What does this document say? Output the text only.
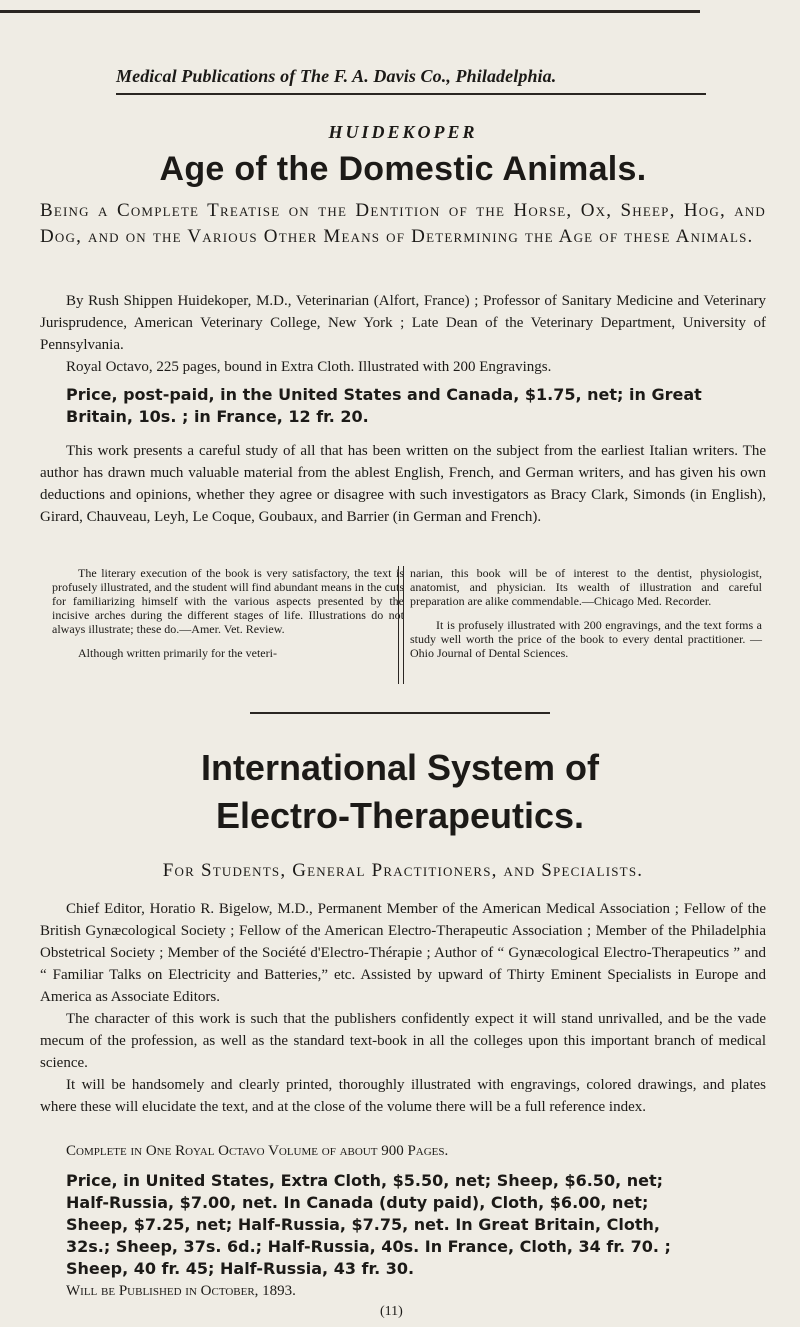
Medical Publications of The F. A. Davis Co., Philadelphia.
HUIDEKOPER
Age of the Domestic Animals.
Being a Complete Treatise on the Dentition of the Horse, Ox, Sheep, Hog, and Dog, and on the Various Other Means of Determining the Age of these Animals.
By Rush Shippen Huidekoper, M.D., Veterinarian (Alfort, France) ; Professor of Sanitary Medicine and Veterinary Jurisprudence, American Veterinary College, New York ; Late Dean of the Veterinary Department, University of Pennsylvania.
Royal Octavo, 225 pages, bound in Extra Cloth. Illustrated with 200 Engravings.
Price, post-paid, in the United States and Canada, $1.75, net; in Great Britain, 10s. ; in France, 12 fr. 20.
This work presents a careful study of all that has been written on the subject from the earliest Italian writers. The author has drawn much valuable material from the ablest English, French, and German writers, and has given his own deductions and opinions, whether they agree or disagree with such investigators as Bracy Clark, Simonds (in English), Girard, Chauveau, Leyh, Le Coque, Goubaux, and Barrier (in German and French).

The literary execution of the book is very satisfactory, the text is profusely illustrated, and the student will find abundant means in the cuts for familiarizing himself with the various aspects presented by the incisive arches during the different stages of life. Illustrations do not always illustrate; these do.—Amer. Vet. Review.

Although written primarily for the veteri-

narian, this book will be of interest to the dentist, physiologist, anatomist, and physician. Its wealth of illustration and careful preparation are alike commendable.—Chicago Med. Recorder.

It is profusely illustrated with 200 engravings, and the text forms a study well worth the price of the book to every dental practitioner. —Ohio Journal of Dental Sciences.

International System of Electro-Therapeutics.
For Students, General Practitioners, and Specialists.
Chief Editor, Horatio R. Bigelow, M.D., Permanent Member of the American Medical Association ; Fellow of the British Gynæcological Society ; Fellow of the American Electro-Therapeutic Association ; Member of the Philadelphia Obstetrical Society ; Member of the Société d'Electro-Thérapie ; Author of “ Gynæcological Electro-Therapeutics ” and “ Familiar Talks on Electricity and Batteries,” etc. Assisted by upward of Thirty Eminent Specialists in Europe and America as Associate Editors.
The character of this work is such that the publishers confidently expect it will stand unrivalled, and be the vade mecum of the profession, as well as the standard text-book in all the colleges upon this important branch of medical science.
It will be handsomely and clearly printed, thoroughly illustrated with engravings, colored drawings, and plates where these will elucidate the text, and at the close of the volume there will be a full reference index.
Complete in One Royal Octavo Volume of about 900 Pages.
Price, in United States, Extra Cloth, $5.50, net; Sheep, $6.50, net; Half-Russia, $7.00, net. In Canada (duty paid), Cloth, $6.00, net; Sheep, $7.25, net; Half-Russia, $7.75, net. In Great Britain, Cloth, 32s.; Sheep, 37s. 6d.; Half-Russia, 40s. In France, Cloth, 34 fr. 70. ; Sheep, 40 fr. 45; Half-Russia, 43 fr. 30.
Will be Published in October, 1893.
(11)
